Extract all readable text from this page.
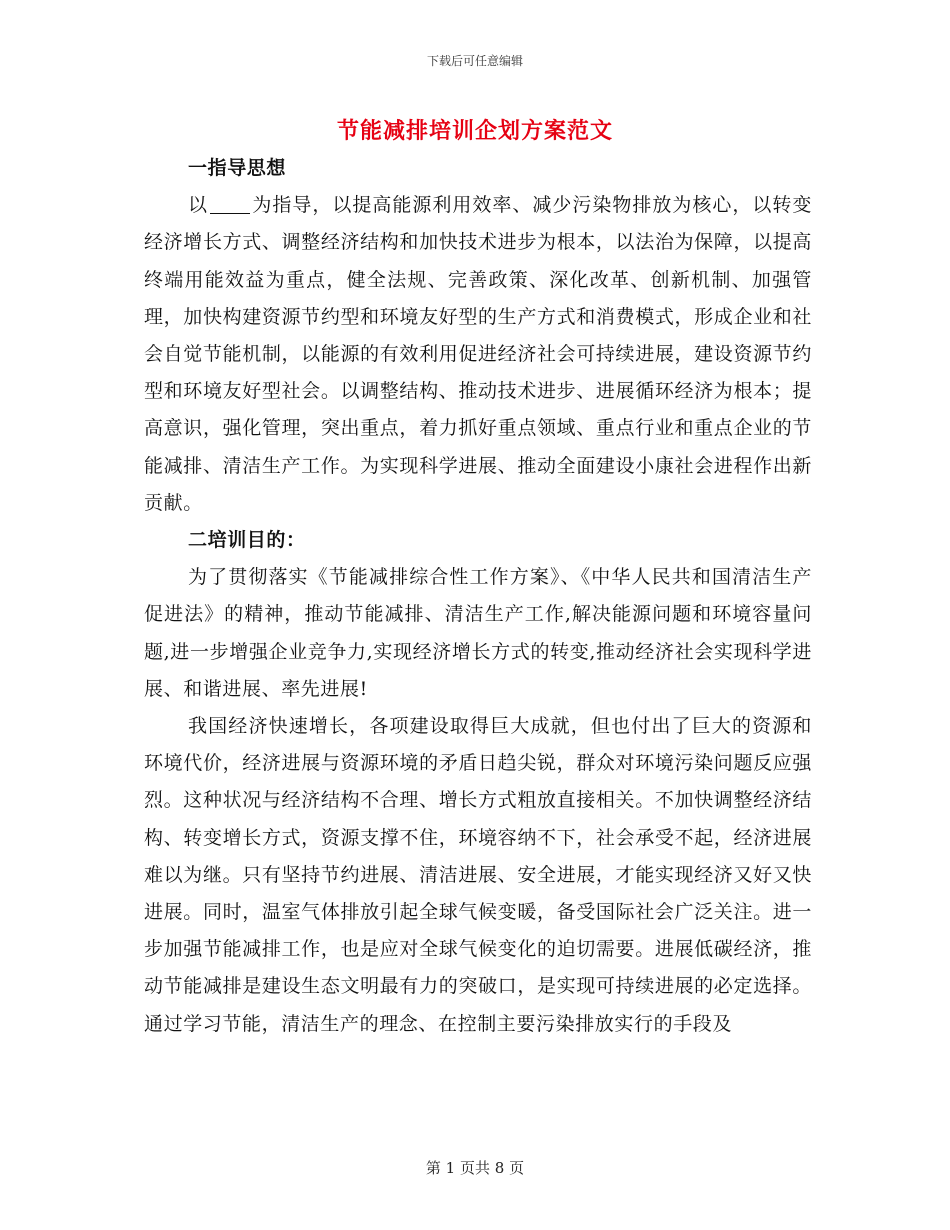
下载后可任意编辑
节能减排培训企划方案范文

一指导思想

以 为指导，以提高能源利用效率、减少污染物排放为核心，以转变经济增长方式、调整经济结构和加快技术进步为根本，以法治为保障，以提高终端用能效益为重点，健全法规、完善政策、深化改革、创新机制、加强管理，加快构建资源节约型和环境友好型的生产方式和消费模式，形成企业和社会自觉节能机制，以能源的有效利用促进经济社会可持续进展，建设资源节约型和环境友好型社会。以调整结构、推动技术进步、进展循环经济为根本；提高意识，强化管理，突出重点，着力抓好重点领域、重点行业和重点企业的节能减排、清洁生产工作。为实现科学进展、推动全面建设小康社会进程作出新贡献。

二培训目的：

为了贯彻落实《节能减排综合性工作方案》、《中华人民共和国清洁生产促进法》的精神，推动节能减排、清洁生产工作,解决能源问题和环境容量问题,进一步增强企业竞争力,实现经济增长方式的转变,推动经济社会实现科学进展、和谐进展、率先进展!

我国经济快速增长，各项建设取得巨大成就，但也付出了巨大的资源和环境代价，经济进展与资源环境的矛盾日趋尖锐，群众对环境污染问题反应强烈。这种状况与经济结构不合理、增长方式粗放直接相关。不加快调整经济结构、转变增长方式，资源支撑不住，环境容纳不下，社会承受不起，经济进展难以为继。只有坚持节约进展、清洁进展、安全进展，才能实现经济又好又快进展。同时，温室气体排放引起全球气候变暖，备受国际社会广泛关注。进一步加强节能减排工作，也是应对全球气候变化的迫切需要。进展低碳经济，推动节能减排是建设生态文明最有力的突破口，是实现可持续进展的必定选择。通过学习节能，清洁生产的理念、在控制主要污染排放实行的手段及

第 1 页共 8 页
